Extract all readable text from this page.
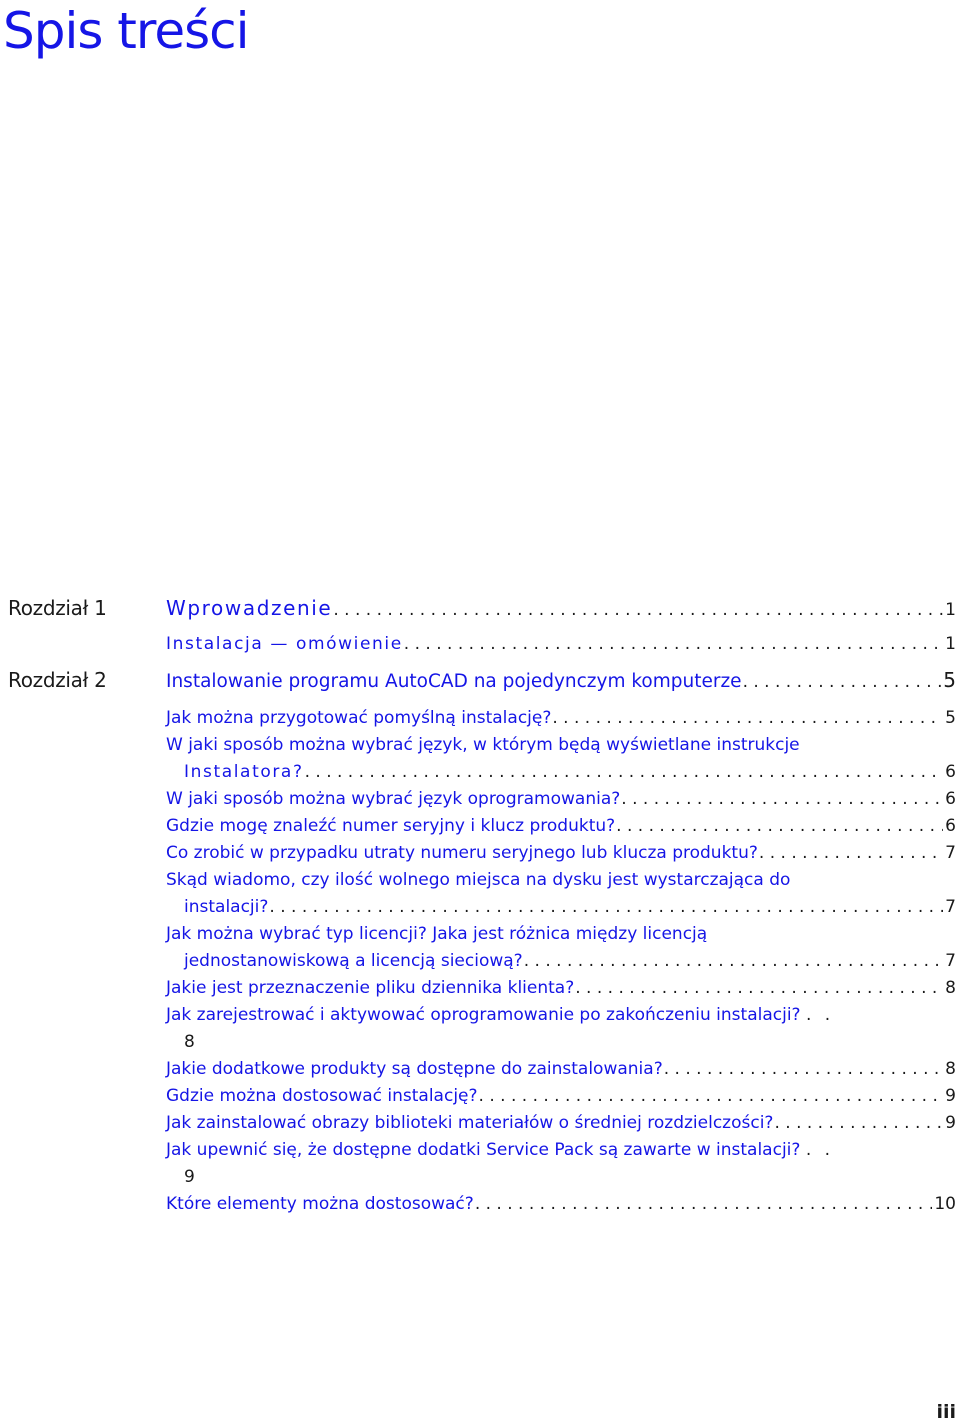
Spis treści
Rozdział 1	Wprowadzenie . . .	1
Instalacja — omówienie . . .	1
Rozdział 2	Instalowanie programu AutoCAD na pojedynczym komputerze . . .	5
Jak można przygotować pomyślną instalację? . . .	5
W jaki sposób można wybrać język, w którym będą wyświetlane instrukcje
Instalatora? . . .	6
W jaki sposób można wybrać język oprogramowania? . . .	6
Gdzie mogę znaleźć numer seryjny i klucz produktu? . . .	6
Co zrobić w przypadku utraty numeru seryjnego lub klucza produktu? . . .	7
Skąd wiadomo, czy ilość wolnego miejsca na dysku jest wystarczająca do
instalacji? . . .	7
Jak można wybrać typ licencji? Jaka jest różnica między licencją
jednostanowiskową a licencją sieciową? . . .	7
Jakie jest przeznaczenie pliku dziennika klienta? . . .	8
Jak zarejestrować i aktywować oprogramowanie po zakończeniu instalacji? . .
8
Jakie dodatkowe produkty są dostępne do zainstalowania? . . .	8
Gdzie można dostosować instalację? . . .	9
Jak zainstalować obrazy biblioteki materiałów o średniej rozdzielczości? . . .	9
Jak upewnić się, że dostępne dodatki Service Pack są zawarte w instalacji? . .
9
Które elementy można dostosować? . . .	10
iii
